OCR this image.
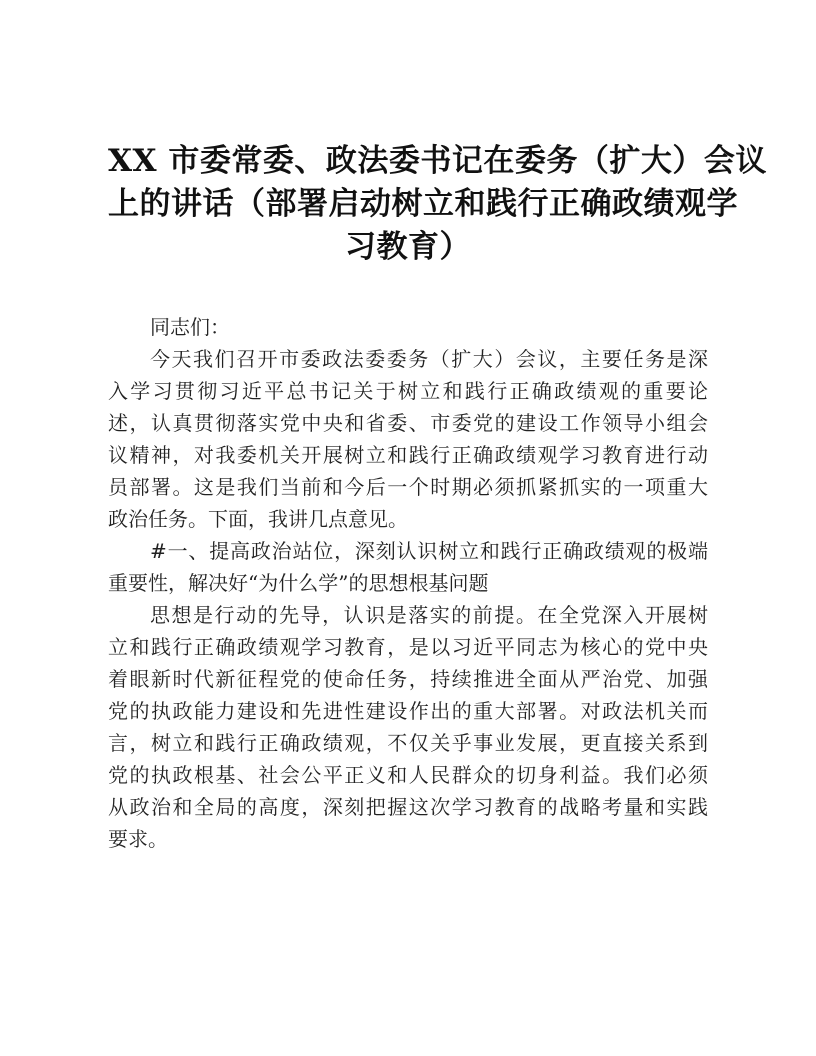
XX 市委常委、政法委书记在委务（扩大）会议
上的讲话（部署启动树立和践行正确政绩观学
习教育）

同志们：

今天我们召开市委政法委委务（扩大）会议，主要任务是深
入学习贯彻习近平总书记关于树立和践行正确政绩观的重要论
述，认真贯彻落实党中央和省委、市委党的建设工作领导小组会
议精神，对我委机关开展树立和践行正确政绩观学习教育进行动
员部署。这是我们当前和今后一个时期必须抓紧抓实的一项重大
政治任务。下面，我讲几点意见。

#一、提高政治站位，深刻认识树立和践行正确政绩观的极端
重要性，解决好“为什么学”的思想根基问题

思想是行动的先导，认识是落实的前提。在全党深入开展树
立和践行正确政绩观学习教育，是以习近平同志为核心的党中央
着眼新时代新征程党的使命任务，持续推进全面从严治党、加强
党的执政能力建设和先进性建设作出的重大部署。对政法机关而
言，树立和践行正确政绩观，不仅关乎事业发展，更直接关系到
党的执政根基、社会公平正义和人民群众的切身利益。我们必须
从政治和全局的高度，深刻把握这次学习教育的战略考量和实践
要求。
